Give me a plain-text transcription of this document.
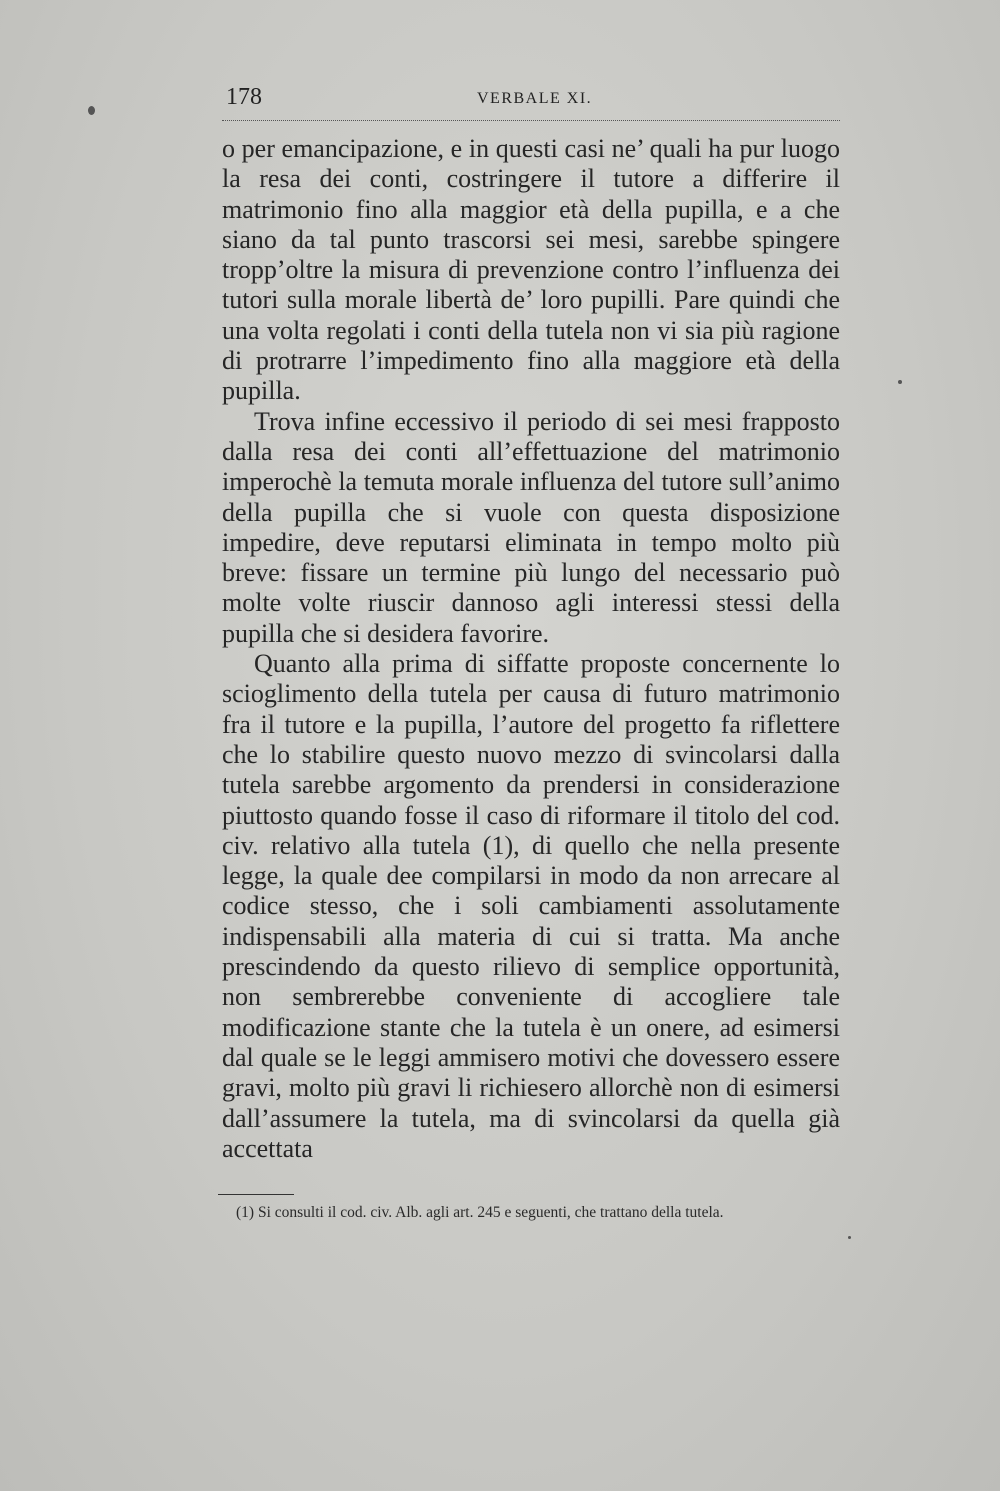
178	VERBALE XI.

o per emancipazione, e in questi casi ne’ quali ha pur luogo la resa dei conti, costringere il tutore a differire il matrimonio fino alla maggior età della pupilla, e a che siano da tal punto trascorsi sei mesi, sarebbe spingere tropp’oltre la misura di prevenzione contro l’influenza dei tutori sulla morale libertà de’ loro pupilli. Pare quindi che una volta regolati i conti della tutela non vi sia più ragione di protrarre l’impedimento fino alla maggiore età della pupilla.

Trova infine eccessivo il periodo di sei mesi frapposto dalla resa dei conti all’effettuazione del matrimonio imperochè la temuta morale influenza del tutore sull’animo della pupilla che si vuole con questa disposizione impedire, deve reputarsi eliminata in tempo molto più breve: fissare un termine più lungo del necessario può molte volte riuscir dannoso agli interessi stessi della pupilla che si desidera favorire.

Quanto alla prima di siffatte proposte concernente lo scioglimento della tutela per causa di futuro matrimonio fra il tutore e la pupilla, l’autore del progetto fa riflettere che lo stabilire questo nuovo mezzo di svincolarsi dalla tutela sarebbe argomento da prendersi in considerazione piuttosto quando fosse il caso di riformare il titolo del cod. civ. relativo alla tutela (1), di quello che nella presente legge, la quale dee compilarsi in modo da non arrecare al codice stesso, che i soli cambiamenti assolutamente indispensabili alla materia di cui si tratta. Ma anche prescindendo da questo rilievo di semplice opportunità, non sembrerebbe conveniente di accogliere tale modificazione stante che la tutela è un onere, ad esimersi dal quale se le leggi ammisero motivi che dovessero essere gravi, molto più gravi li richiesero allorchè non di esimersi dall’assumere la tutela, ma di svincolarsi da quella già accettata

(1) Si consulti il cod. civ. Alb. agli art. 245 e seguenti, che trattano della tutela.
